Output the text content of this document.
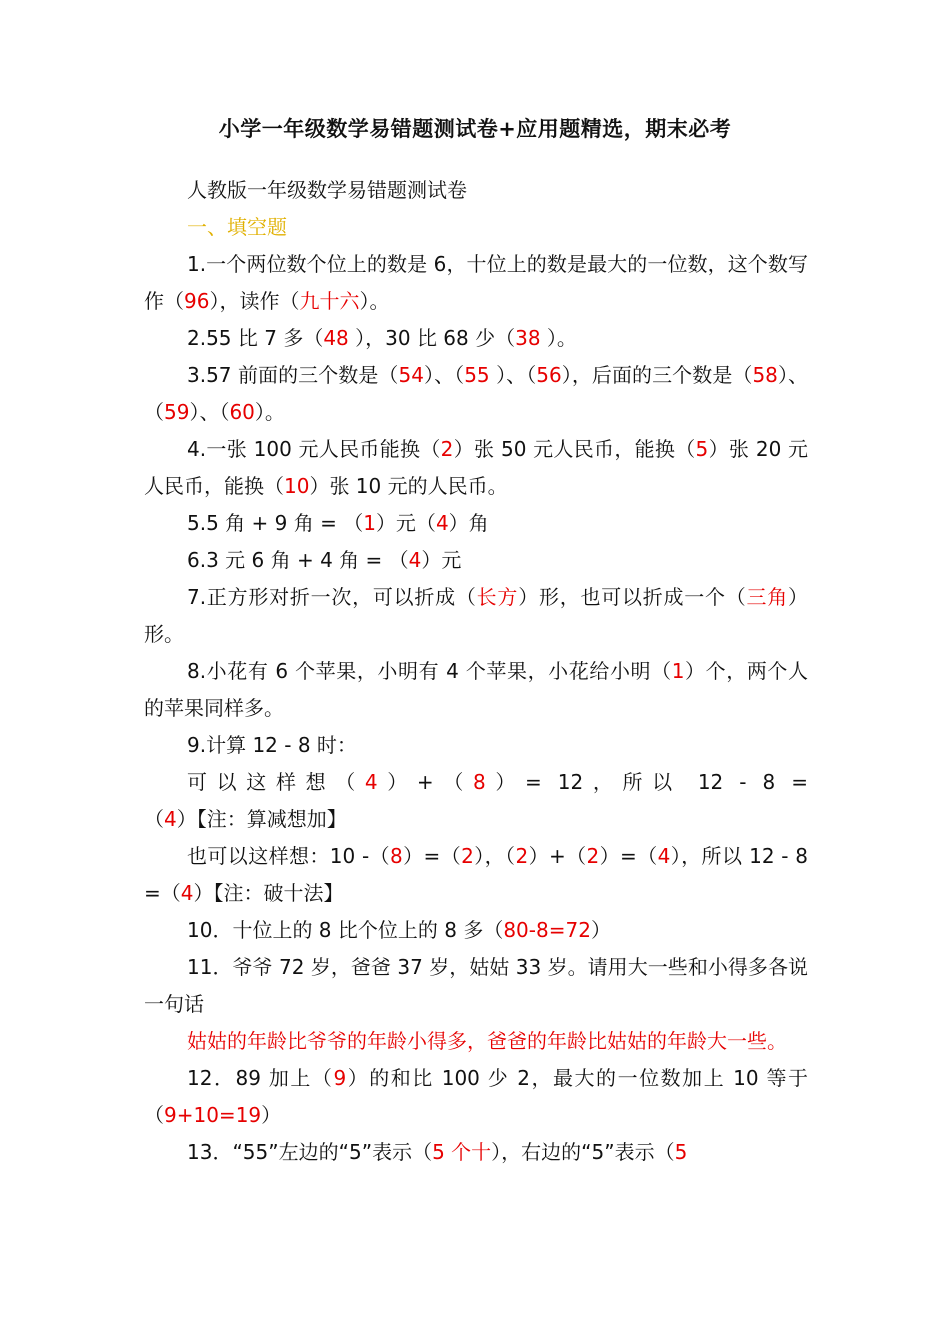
小学一年级数学易错题测试卷+应用题精选，期末必考

人教版一年级数学易错题测试卷

一、填空题

1.一个两位数个位上的数是 6，十位上的数是最大的一位数，这个数写作（96），读作（九十六）。

2.55 比 7 多（48 ），30 比 68 少（38 ）。

3.57 前面的三个数是（54）、（55 ）、（56），后面的三个数是（58）、（59）、（60）。

4.一张 100 元人民币能换（2）张 50 元人民币，能换（5）张 20 元人民币，能换（10）张 10 元的人民币。

5.5 角 + 9 角 = （1）元（4）角

6.3 元 6 角 + 4 角 = （4）元

7.正方形对折一次，可以折成（长方）形，也可以折成一个（三角）形。

8.小花有 6 个苹果，小明有 4 个苹果，小花给小明（1）个，两个人的苹果同样多。

9.计算 12 - 8 时：

可以这样想（4）+（8）= 12，所以 12 - 8 =（4）【注：算减想加】

也可以这样想：10 -（8）=（2），（2）+（2）=（4），所以 12 - 8 =（4）【注：破十法】

10．十位上的 8 比个位上的 8 多（80-8=72）

11．爷爷 72 岁，爸爸 37 岁，姑姑 33 岁。请用大一些和小得多各说一句话

姑姑的年龄比爷爷的年龄小得多，爸爸的年龄比姑姑的年龄大一些。

12．89 加上（9）的和比 100 少 2，最大的一位数加上 10 等于（9+10=19）

13．“55”左边的“5”表示（5 个十），右边的“5”表示（5
